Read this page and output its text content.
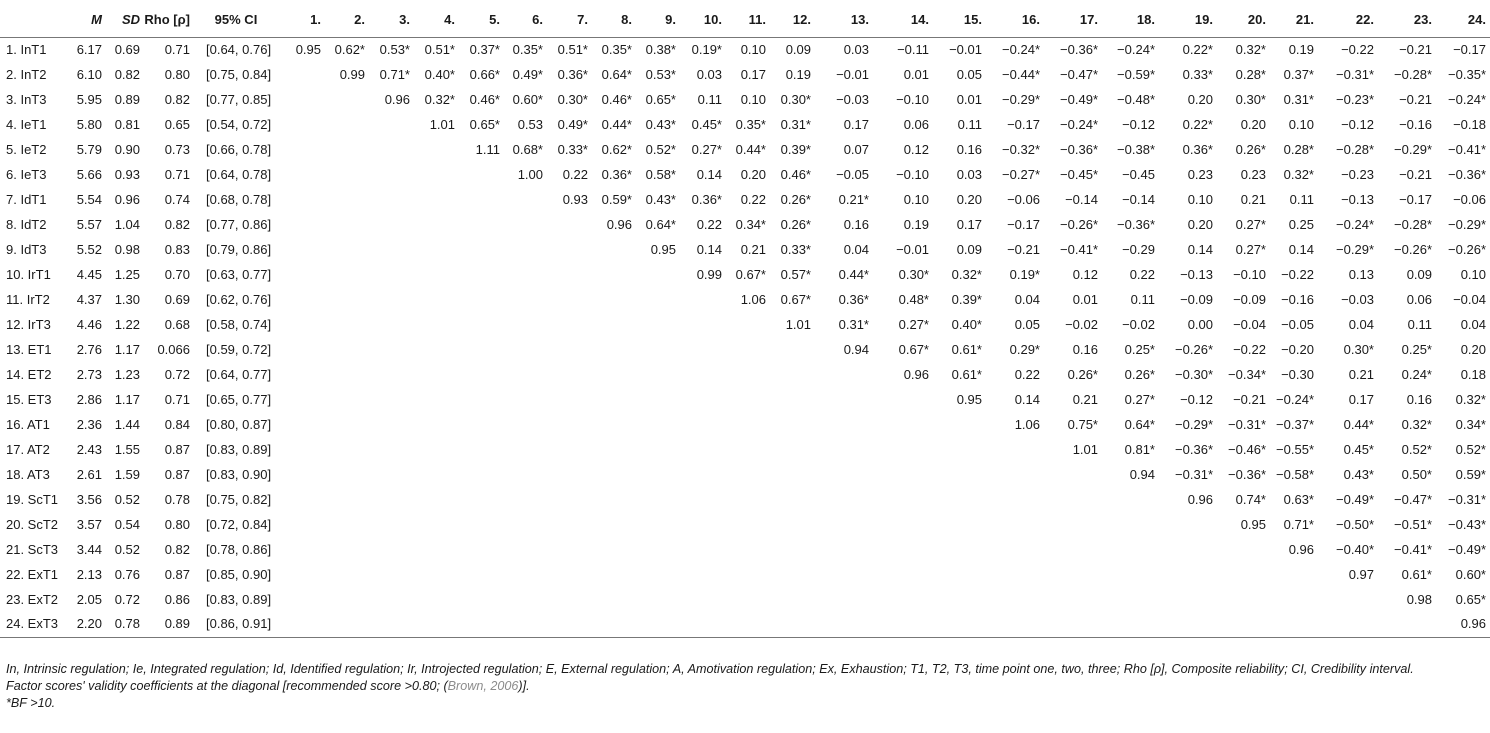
	M	SD	Rho [ρ]	95% CI	1.	2.	3.	4.	5.	6.	7.	8.	9.	10.	11.	12.	13.	14.	15.	16.	17.	18.	19.	20.	21.	22.	23.	24.
1. InT1	6.17	0.69	0.71	[0.64, 0.76]	0.95	0.62*	0.53*	0.51*	0.37*	0.35*	0.51*	0.35*	0.38*	0.19*	0.10	0.09	0.03	−0.11	−0.01	−0.24*	−0.36*	−0.24*	0.22*	0.32*	0.19	−0.22	−0.21	−0.17
2. InT2	6.10	0.82	0.80	[0.75, 0.84]		0.99	0.71*	0.40*	0.66*	0.49*	0.36*	0.64*	0.53*	0.03	0.17	0.19	−0.01	0.01	0.05	−0.44*	−0.47*	−0.59*	0.33*	0.28*	0.37*	−0.31*	−0.28*	−0.35*
3. InT3	5.95	0.89	0.82	[0.77, 0.85]			0.96	0.32*	0.46*	0.60*	0.30*	0.46*	0.65*	0.11	0.10	0.30*	−0.03	−0.10	0.01	−0.29*	−0.49*	−0.48*	0.20	0.30*	0.31*	−0.23*	−0.21	−0.24*
4. IeT1	5.80	0.81	0.65	[0.54, 0.72]				1.01	0.65*	0.53	0.49*	0.44*	0.43*	0.45*	0.35*	0.31*	0.17	0.06	0.11	−0.17	−0.24*	−0.12	0.22*	0.20	0.10	−0.12	−0.16	−0.18
5. IeT2	5.79	0.90	0.73	[0.66, 0.78]					1.11	0.68*	0.33*	0.62*	0.52*	0.27*	0.44*	0.39*	0.07	0.12	0.16	−0.32*	−0.36*	−0.38*	0.36*	0.26*	0.28*	−0.28*	−0.29*	−0.41*
6. IeT3	5.66	0.93	0.71	[0.64, 0.78]						1.00	0.22	0.36*	0.58*	0.14	0.20	0.46*	−0.05	−0.10	0.03	−0.27*	−0.45*	−0.45	0.23	0.23	0.32*	−0.23	−0.21	−0.36*
7. IdT1	5.54	0.96	0.74	[0.68, 0.78]							0.93	0.59*	0.43*	0.36*	0.22	0.26*	0.21*	0.10	0.20	−0.06	−0.14	−0.14	0.10	0.21	0.11	−0.13	−0.17	−0.06
8. IdT2	5.57	1.04	0.82	[0.77, 0.86]								0.96	0.64*	0.22	0.34*	0.26*	0.16	0.19	0.17	−0.17	−0.26*	−0.36*	0.20	0.27*	0.25	−0.24*	−0.28*	−0.29*
9. IdT3	5.52	0.98	0.83	[0.79, 0.86]									0.95	0.14	0.21	0.33*	0.04	−0.01	0.09	−0.21	−0.41*	−0.29	0.14	0.27*	0.14	−0.29*	−0.26*	−0.26*
10. IrT1	4.45	1.25	0.70	[0.63, 0.77]										0.99	0.67*	0.57*	0.44*	0.30*	0.32*	0.19*	0.12	0.22	−0.13	−0.10	−0.22	0.13	0.09	0.10
11. IrT2	4.37	1.30	0.69	[0.62, 0.76]											1.06	0.67*	0.36*	0.48*	0.39*	0.04	0.01	0.11	−0.09	−0.09	−0.16	−0.03	0.06	−0.04
12. IrT3	4.46	1.22	0.68	[0.58, 0.74]												1.01	0.31*	0.27*	0.40*	0.05	−0.02	−0.02	0.00	−0.04	−0.05	0.04	0.11	0.04
13. ET1	2.76	1.17	0.066	[0.59, 0.72]													0.94	0.67*	0.61*	0.29*	0.16	0.25*	−0.26*	−0.22	−0.20	0.30*	0.25*	0.20
14. ET2	2.73	1.23	0.72	[0.64, 0.77]														0.96	0.61*	0.22	0.26*	0.26*	−0.30*	−0.34*	−0.30	0.21	0.24*	0.18
15. ET3	2.86	1.17	0.71	[0.65, 0.77]															0.95	0.14	0.21	0.27*	−0.12	−0.21	−0.24*	0.17	0.16	0.32*
16. AT1	2.36	1.44	0.84	[0.80, 0.87]																1.06	0.75*	0.64*	−0.29*	−0.31*	−0.37*	0.44*	0.32*	0.34*
17. AT2	2.43	1.55	0.87	[0.83, 0.89]																	1.01	0.81*	−0.36*	−0.46*	−0.55*	0.45*	0.52*	0.52*
18. AT3	2.61	1.59	0.87	[0.83, 0.90]																		0.94	−0.31*	−0.36*	−0.58*	0.43*	0.50*	0.59*
19. ScT1	3.56	0.52	0.78	[0.75, 0.82]																			0.96	0.74*	0.63*	−0.49*	−0.47*	−0.31*
20. ScT2	3.57	0.54	0.80	[0.72, 0.84]																				0.95	0.71*	−0.50*	−0.51*	−0.43*
21. ScT3	3.44	0.52	0.82	[0.78, 0.86]																					0.96	−0.40*	−0.41*	−0.49*
22. ExT1	2.13	0.76	0.87	[0.85, 0.90]																						0.97	0.61*	0.60*
23. ExT2	2.05	0.72	0.86	[0.83, 0.89]																							0.98	0.65*
24. ExT3	2.20	0.78	0.89	[0.86, 0.91]																								0.96

In, Intrinsic regulation; Ie, Integrated regulation; Id, Identified regulation; Ir, Introjected regulation; E, External regulation; A, Amotivation regulation; Ex, Exhaustion; T1, T2, T3, time point one, two, three; Rho [ρ], Composite reliability; CI, Credibility interval.

Factor scores' validity coefficients at the diagonal [recommended score >0.80; (Brown, 2006)].

*BF >10.
